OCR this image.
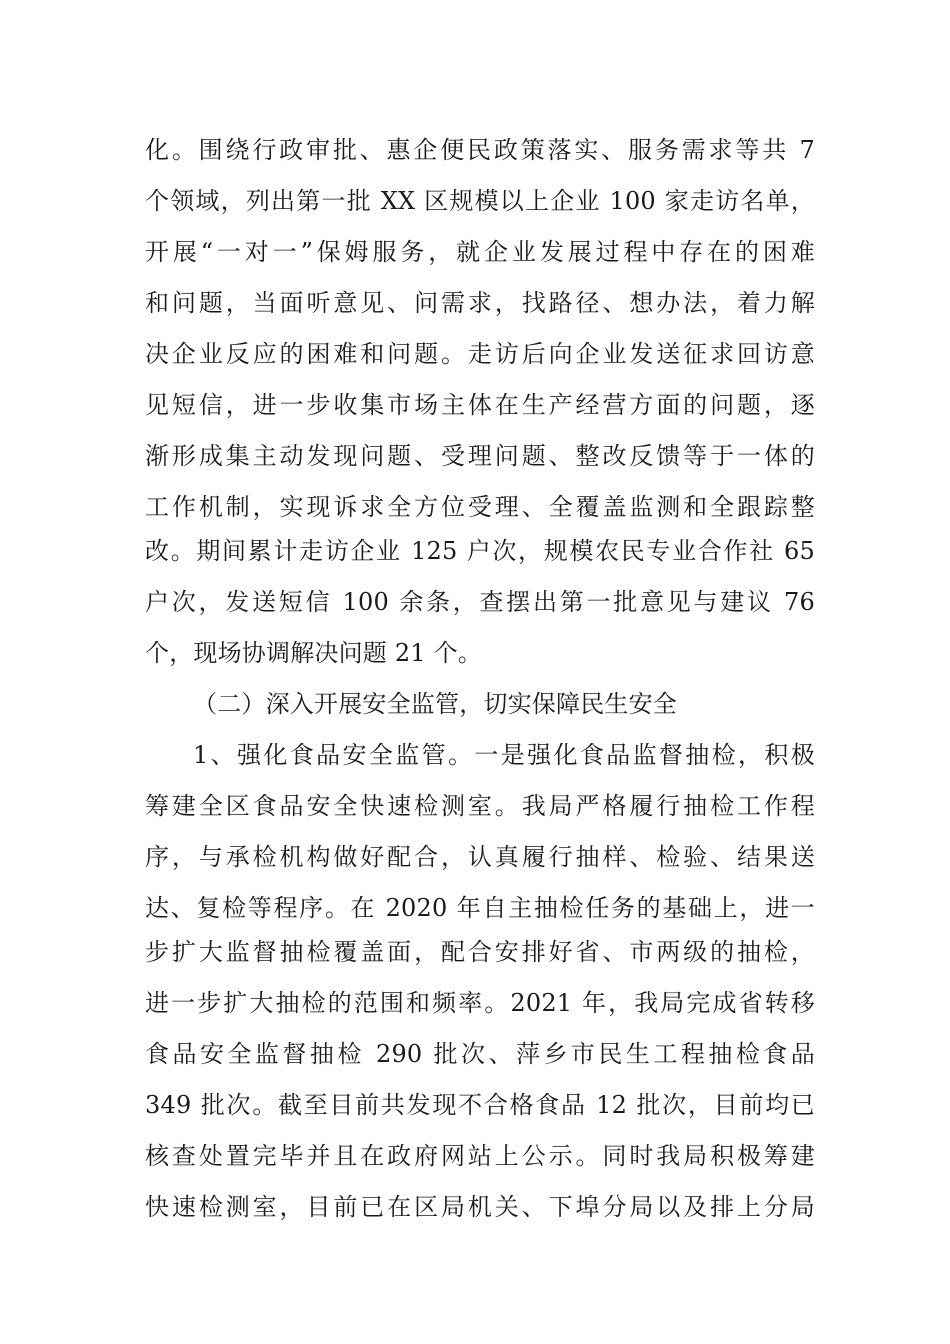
化。围绕行政审批、惠企便民政策落实、服务需求等共 7
个领域，列出第一批 XX 区规模以上企业 100 家走访名单，
开展“一对一”保姆服务，就企业发展过程中存在的困难
和问题，当面听意见、问需求，找路径、想办法，着力解
决企业反应的困难和问题。走访后向企业发送征求回访意
见短信，进一步收集市场主体在生产经营方面的问题，逐
渐形成集主动发现问题、受理问题、整改反馈等于一体的
工作机制，实现诉求全方位受理、全覆盖监测和全跟踪整
改。期间累计走访企业 125 户次，规模农民专业合作社 65
户次，发送短信 100 余条，查摆出第一批意见与建议 76
个，现场协调解决问题 21 个。
（二）深入开展安全监管，切实保障民生安全
1、强化食品安全监管。一是强化食品监督抽检，积极
筹建全区食品安全快速检测室。我局严格履行抽检工作程
序，与承检机构做好配合，认真履行抽样、检验、结果送
达、复检等程序。在 2020 年自主抽检任务的基础上，进一
步扩大监督抽检覆盖面，配合安排好省、市两级的抽检，
进一步扩大抽检的范围和频率。2021 年，我局完成省转移
食品安全监督抽检 290 批次、萍乡市民生工程抽检食品
349 批次。截至目前共发现不合格食品 12 批次，目前均已
核查处置完毕并且在政府网站上公示。同时我局积极筹建
快速检测室，目前已在区局机关、下埠分局以及排上分局
